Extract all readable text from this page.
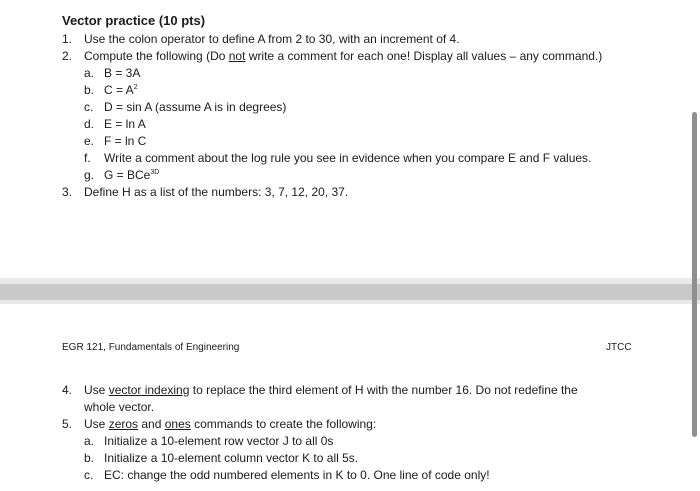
Vector practice (10 pts)
1. Use the colon operator to define A from 2 to 30, with an increment of 4.
2. Compute the following (Do not write a comment for each one! Display all values – any command.)
a. B = 3A
b. $C = A^2$
c. D = sin A (assume A is in degrees)
d. E = ln A
e. F = ln C
f. Write a comment about the log rule you see in evidence when you compare E and F values.
g. G = BCe$^{3D}$
3. Define H as a list of the numbers: 3, 7, 12, 20, 37.
EGR 121, Fundamentals of Engineering	JTCC
4. Use vector indexing to replace the third element of H with the number 16. Do not redefine the
whole vector.
5. Use zeros and ones commands to create the following:
a. Initialize a 10-element row vector J to all 0s
b. Initialize a 10-element column vector K to all 5s.
c. EC: change the odd numbered elements in K to 0. One line of code only!
